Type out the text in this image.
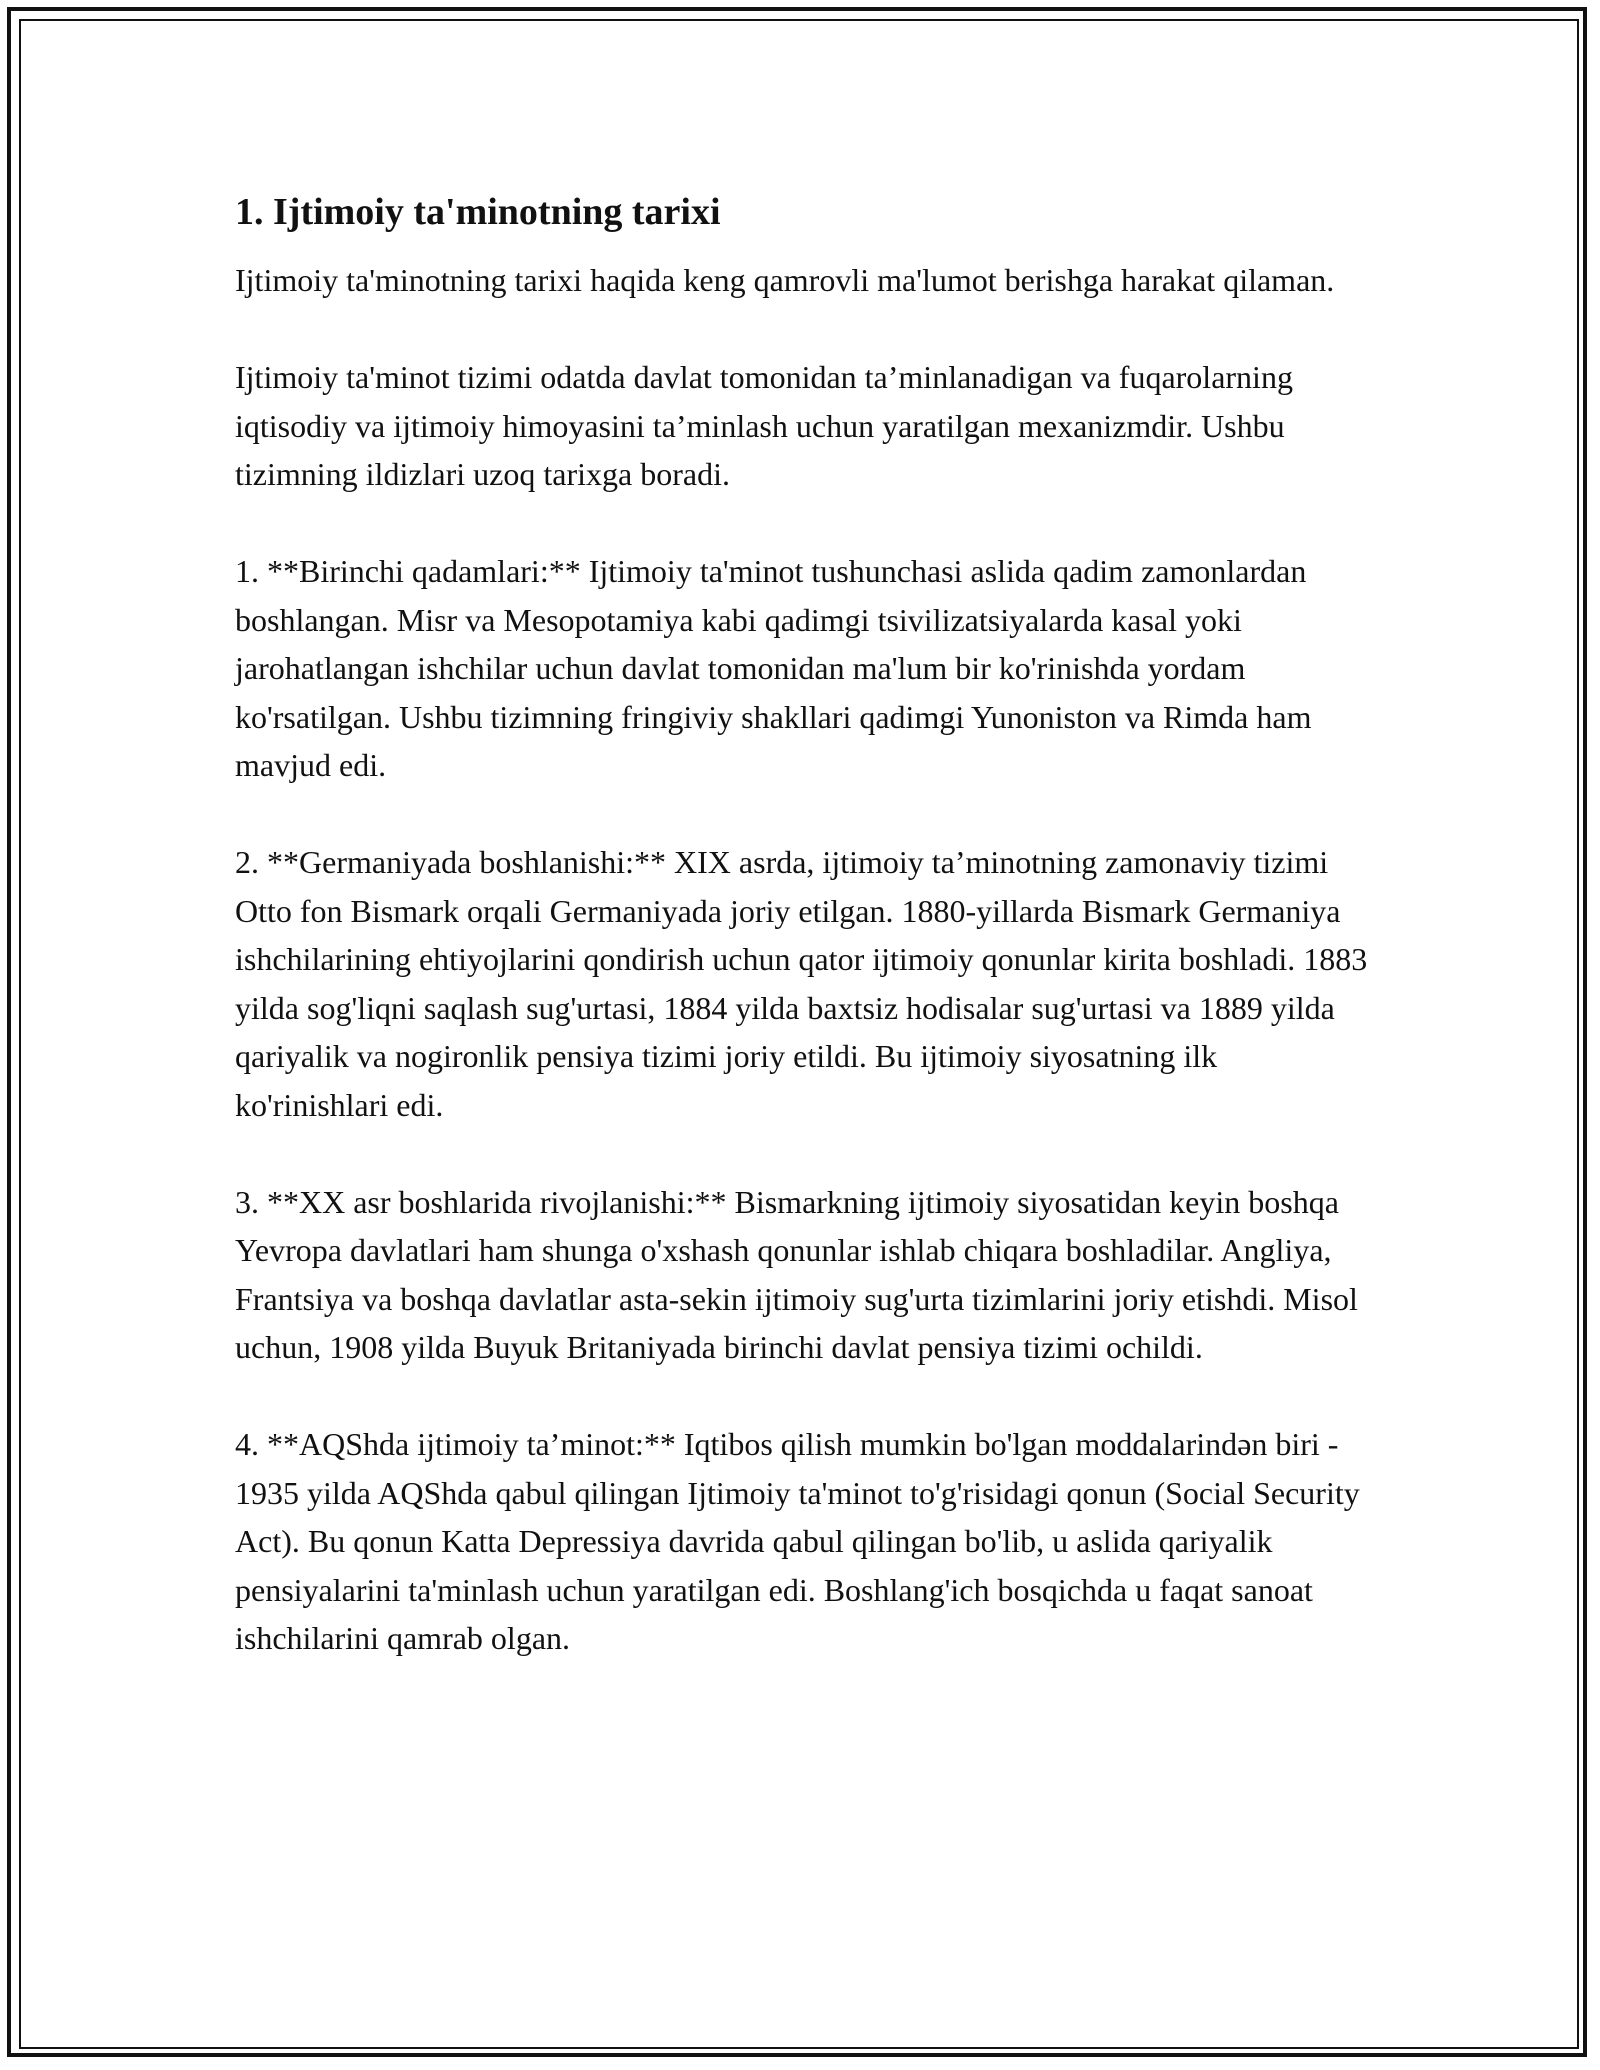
1. Ijtimoiy ta'minotning tarixi

Ijtimoiy ta'minotning tarixi haqida keng qamrovli ma'lumot berishga harakat qilaman.

Ijtimoiy ta'minot tizimi odatda davlat tomonidan ta’minlanadigan va fuqarolarning iqtisodiy va ijtimoiy himoyasini ta’minlash uchun yaratilgan mexanizmdir. Ushbu tizimning ildizlari uzoq tarixga boradi.

1. **Birinchi qadamlari:** Ijtimoiy ta'minot tushunchasi aslida qadim zamonlardan boshlangan. Misr va Mesopotamiya kabi qadimgi tsivilizatsiyalarda kasal yoki jarohatlangan ishchilar uchun davlat tomonidan ma'lum bir ko'rinishda yordam ko'rsatilgan. Ushbu tizimning fringiviy shakllari qadimgi Yunoniston va Rimda ham mavjud edi.

2. **Germaniyada boshlanishi:** XIX asrda, ijtimoiy ta’minotning zamonaviy tizimi Otto fon Bismark orqali Germaniyada joriy etilgan. 1880-yillarda Bismark Germaniya ishchilarining ehtiyojlarini qondirish uchun qator ijtimoiy qonunlar kirita boshladi. 1883 yilda sog'liqni saqlash sug'urtasi, 1884 yilda baxtsiz hodisalar sug'urtasi va 1889 yilda qariyalik va nogironlik pensiya tizimi joriy etildi. Bu ijtimoiy siyosatning ilk ko'rinishlari edi.

3. **XX asr boshlarida rivojlanishi:** Bismarkning ijtimoiy siyosatidan keyin boshqa Yevropa davlatlari ham shunga o'xshash qonunlar ishlab chiqara boshladilar. Angliya, Frantsiya va boshqa davlatlar asta-sekin ijtimoiy sug'urta tizimlarini joriy etishdi. Misol uchun, 1908 yilda Buyuk Britaniyada birinchi davlat pensiya tizimi ochildi.

4. **AQShda ijtimoiy ta’minot:** Iqtibos qilish mumkin bo'lgan moddalarindən biri - 1935 yilda AQShda qabul qilingan Ijtimoiy ta'minot to'g'risidagi qonun (Social Security Act). Bu qonun Katta Depressiya davrida qabul qilingan bo'lib, u aslida qariyalik pensiyalarini ta'minlash uchun yaratilgan edi. Boshlang'ich bosqichda u faqat sanoat ishchilarini qamrab olgan.
